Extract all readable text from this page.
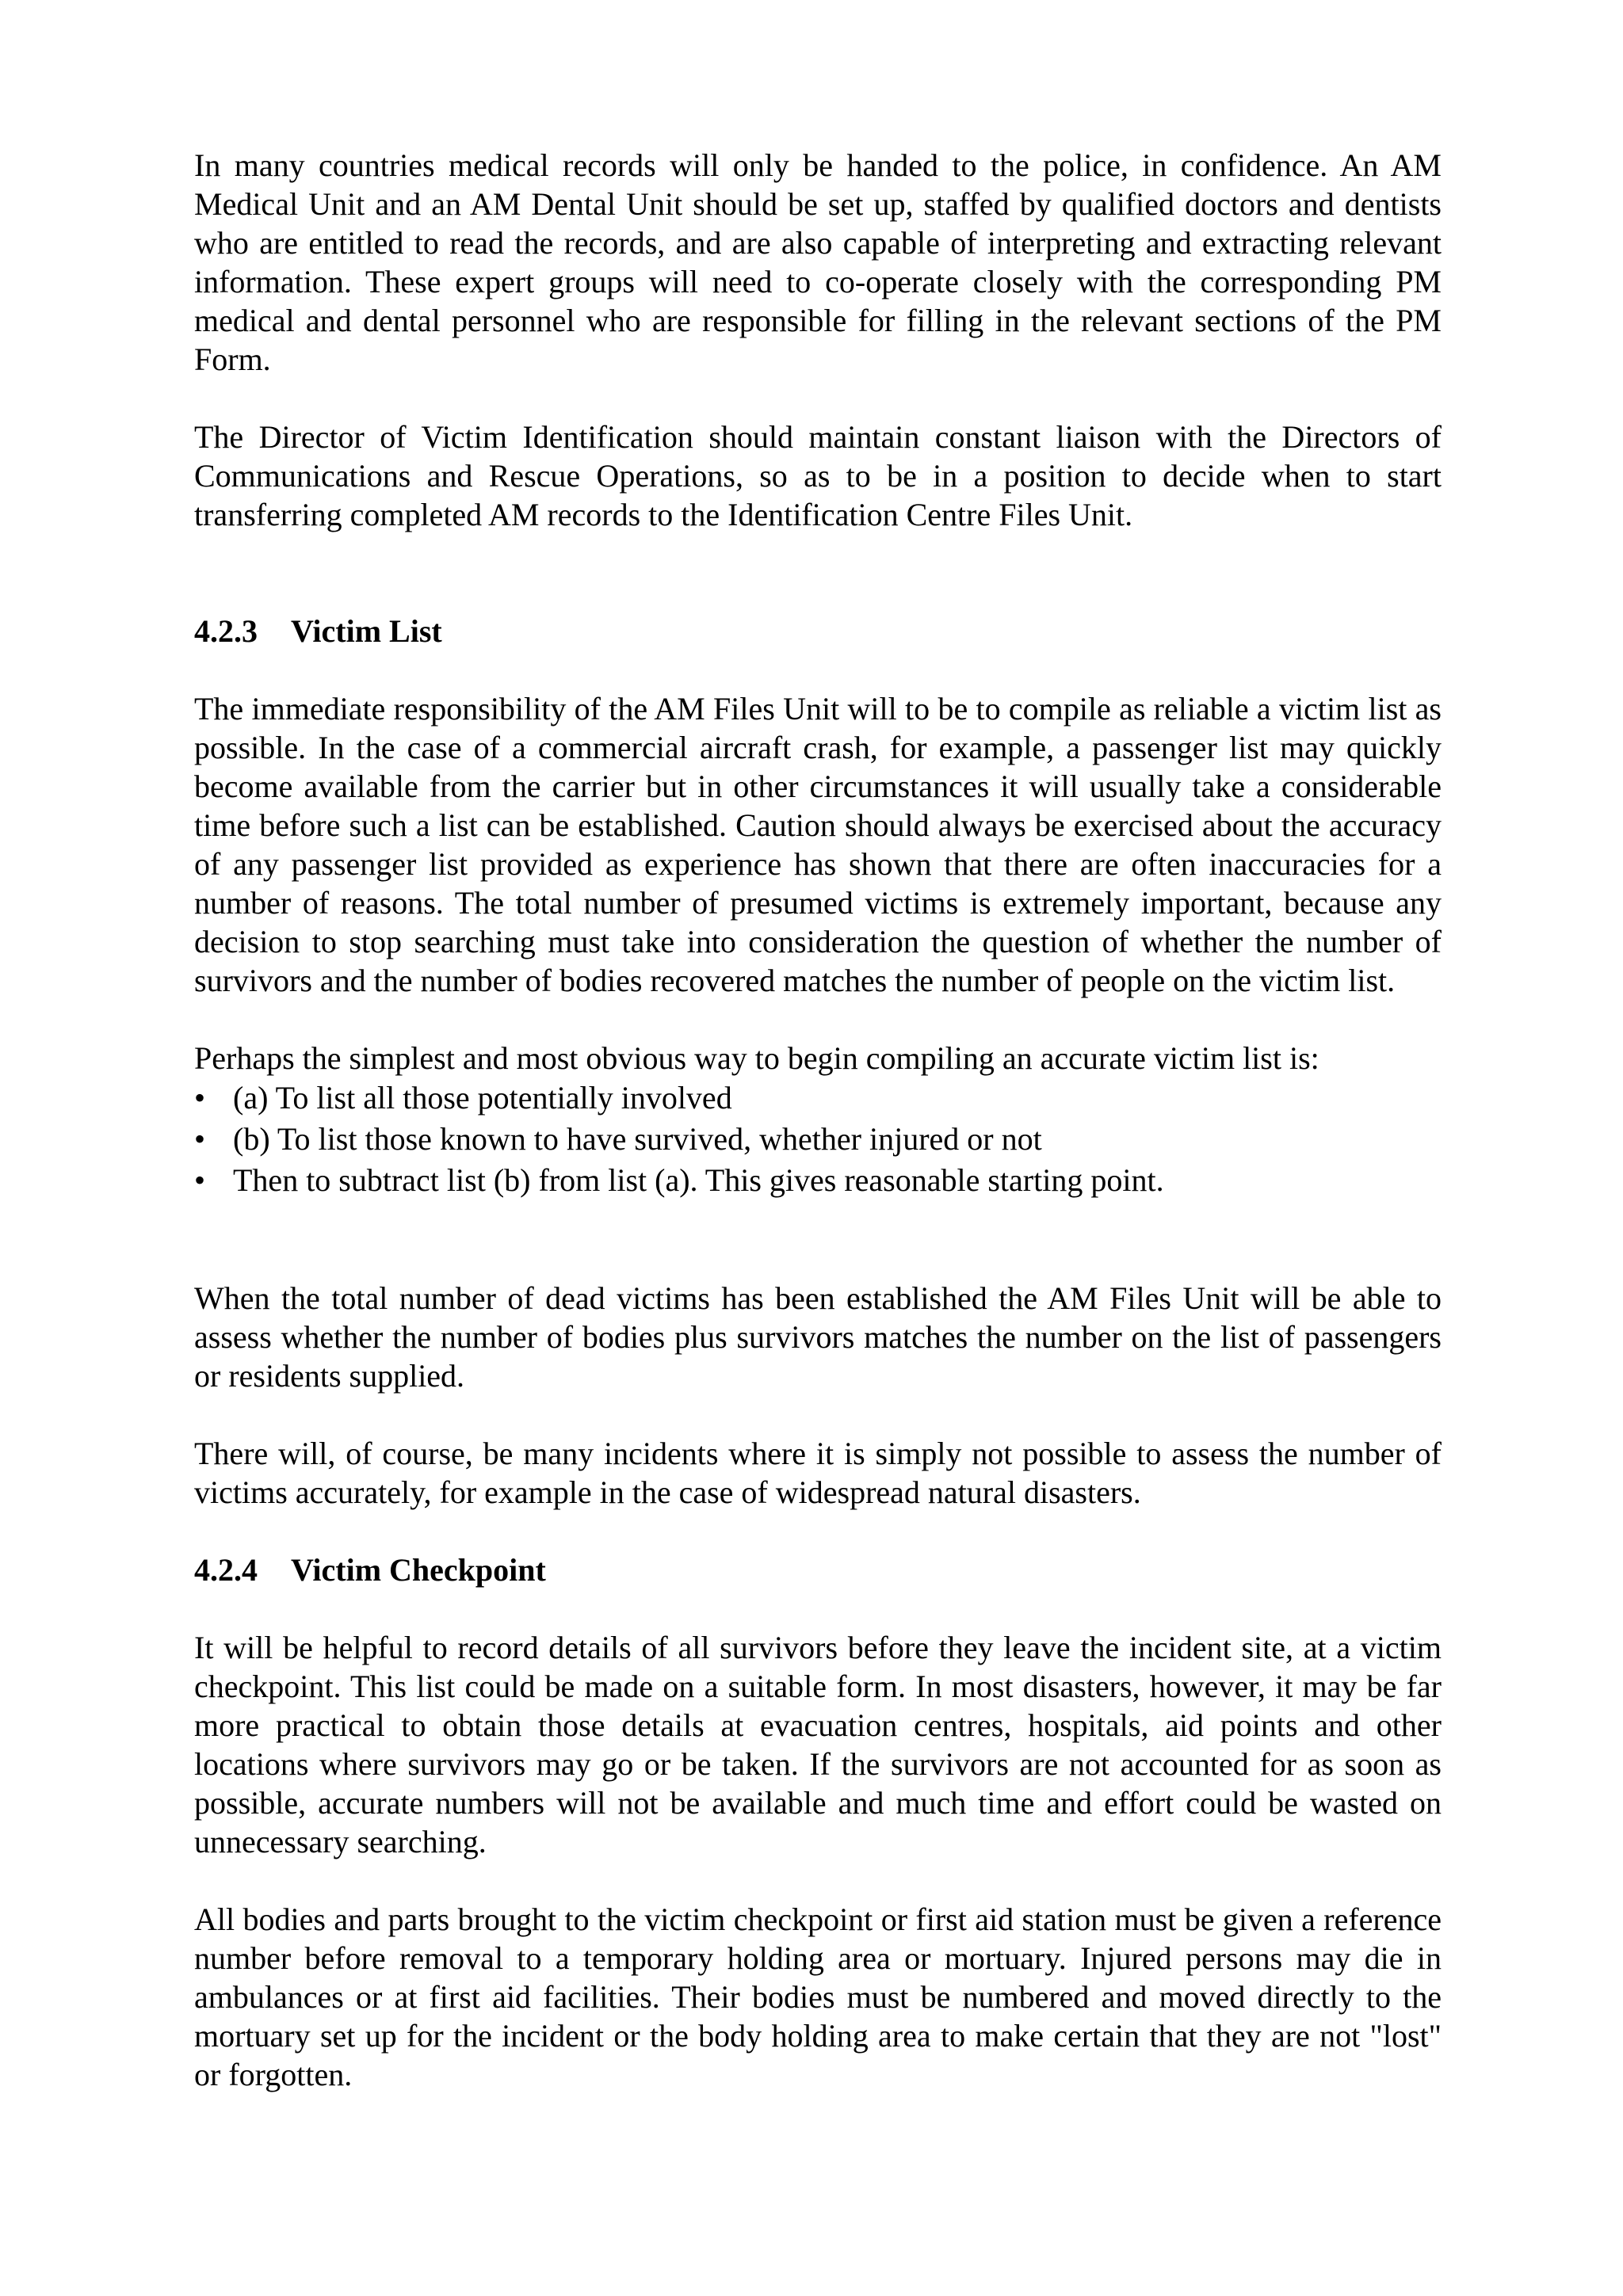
In many countries medical records will only be handed to the police, in confidence. An AM Medical Unit and an AM Dental Unit should be set up, staffed by qualified doctors and dentists who are entitled to read the records, and are also capable of interpreting and extracting relevant information. These expert groups will need to co-operate closely with the corresponding PM medical and dental personnel who are responsible for filling in the relevant sections of the PM Form.

The Director of Victim Identification should maintain constant liaison with the Directors of Communications and Rescue Operations, so as to be in a position to decide when to start transferring completed AM records to the Identification Centre Files Unit.

4.2.3 Victim List

The immediate responsibility of the AM Files Unit will to be to compile as reliable a victim list as possible. In the case of a commercial aircraft crash, for example, a passenger list may quickly become available from the carrier but in other circumstances it will usually take a considerable time before such a list can be established. Caution should always be exercised about the accuracy of any passenger list provided as experience has shown that there are often inaccuracies for a number of reasons. The total number of presumed victims is extremely important, because any decision to stop searching must take into consideration the question of whether the number of survivors and the number of bodies recovered matches the number of people on the victim list.

Perhaps the simplest and most obvious way to begin compiling an accurate victim list is:

• (a) To list all those potentially involved
• (b) To list those known to have survived, whether injured or not
• Then to subtract list (b) from list (a). This gives reasonable starting point.

When the total number of dead victims has been established the AM Files Unit will be able to assess whether the number of bodies plus survivors matches the number on the list of passengers or residents supplied.

There will, of course, be many incidents where it is simply not possible to assess the number of victims accurately, for example in the case of widespread natural disasters.

4.2.4 Victim Checkpoint

It will be helpful to record details of all survivors before they leave the incident site, at a victim checkpoint. This list could be made on a suitable form. In most disasters, however, it may be far more practical to obtain those details at evacuation centres, hospitals, aid points and other locations where survivors may go or be taken. If the survivors are not accounted for as soon as possible, accurate numbers will not be available and much time and effort could be wasted on unnecessary searching.

All bodies and parts brought to the victim checkpoint or first aid station must be given a reference number before removal to a temporary holding area or mortuary. Injured persons may die in ambulances or at first aid facilities. Their bodies must be numbered and moved directly to the mortuary set up for the incident or the body holding area to make certain that they are not "lost" or forgotten.
